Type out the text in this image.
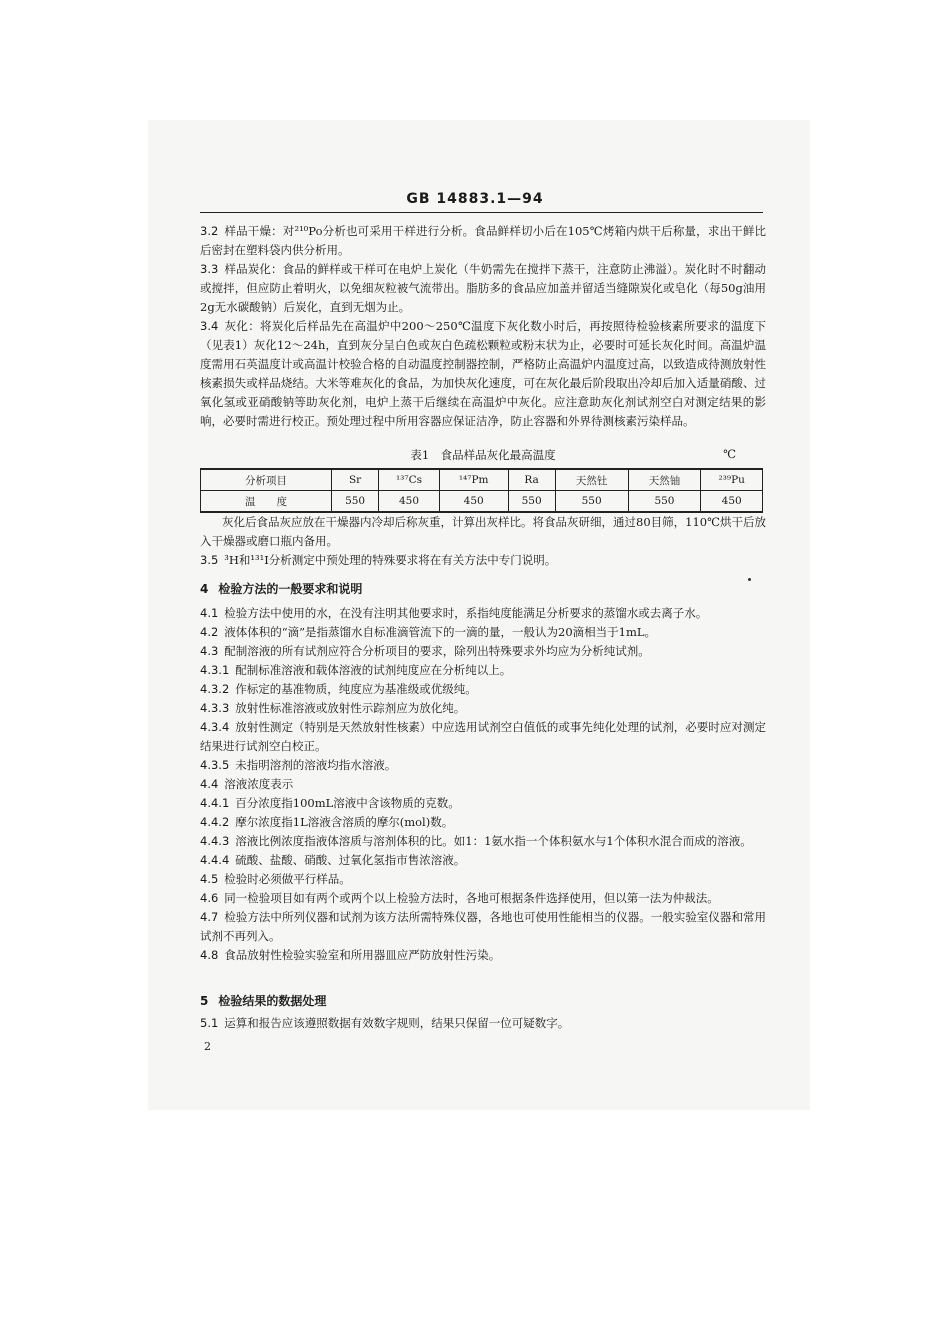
GB 14883.1—94

3.2 样品干燥：对²¹⁰Po分析也可采用干样进行分析。食品鲜样切小后在105℃烤箱内烘干后称量，求出干鲜比后密封在塑料袋内供分析用。

3.3 样品炭化：食品的鲜样或干样可在电炉上炭化（牛奶需先在搅拌下蒸干，注意防止沸溢）。炭化时不时翻动或搅拌，但应防止着明火，以免细灰粒被气流带出。脂肪多的食品应加盖并留适当缝隙炭化或皂化（每50g油用2g无水碳酸钠）后炭化，直到无烟为止。

3.4 灰化：将炭化后样品先在高温炉中200～250℃温度下灰化数小时后，再按照待检验核素所要求的温度下（见表1）灰化12～24h，直到灰分呈白色或灰白色疏松颗粒或粉末状为止，必要时可延长灰化时间。高温炉温度需用石英温度计或高温计校验合格的自动温度控制器控制，严格防止高温炉内温度过高，以致造成待测放射性核素损失或样品烧结。大米等难灰化的食品，为加快灰化速度，可在灰化最后阶段取出冷却后加入适量硝酸、过氧化氢或亚硝酸钠等助灰化剂，电炉上蒸干后继续在高温炉中灰化。应注意助灰化剂试剂空白对测定结果的影响，必要时需进行校正。预处理过程中所用容器应保证洁净，防止容器和外界待测核素污染样品。

表1　食品样品灰化最高温度	℃
分析项目	Sr	¹³⁷Cs	¹⁴⁷Pm	Ra	天然钍	天然铀	²³⁹Pu
温　　度	550	450	450	550	550	550	450

灰化后食品灰应放在干燥器内冷却后称灰重，计算出灰样比。将食品灰研细，通过80目筛，110℃烘干后放入干燥器或磨口瓶内备用。

3.5 ³H和¹³¹I分析测定中预处理的特殊要求将在有关方法中专门说明。

4 检验方法的一般要求和说明

4.1 检验方法中使用的水，在没有注明其他要求时，系指纯度能满足分析要求的蒸馏水或去离子水。

4.2 液体体积的“滴”是指蒸馏水自标准滴管流下的一滴的量，一般认为20滴相当于1mL。

4.3 配制溶液的所有试剂应符合分析项目的要求，除列出特殊要求外均应为分析纯试剂。

4.3.1 配制标准溶液和载体溶液的试剂纯度应在分析纯以上。

4.3.2 作标定的基准物质，纯度应为基准级或优级纯。

4.3.3 放射性标准溶液或放射性示踪剂应为放化纯。

4.3.4 放射性测定（特别是天然放射性核素）中应选用试剂空白值低的或事先纯化处理的试剂，必要时应对测定结果进行试剂空白校正。

4.3.5 未指明溶剂的溶液均指水溶液。

4.4 溶液浓度表示

4.4.1 百分浓度指100mL溶液中含该物质的克数。

4.4.2 摩尔浓度指1L溶液含溶质的摩尔(mol)数。

4.4.3 溶液比例浓度指液体溶质与溶剂体积的比。如1：1氨水指一个体积氨水与1个体积水混合而成的溶液。

4.4.4 硫酸、盐酸、硝酸、过氧化氢指市售浓溶液。

4.5 检验时必须做平行样品。

4.6 同一检验项目如有两个或两个以上检验方法时，各地可根据条件选择使用，但以第一法为仲裁法。

4.7 检验方法中所列仪器和试剂为该方法所需特殊仪器，各地也可使用性能相当的仪器。一般实验室仪器和常用试剂不再列入。

4.8 食品放射性检验实验室和所用器皿应严防放射性污染。

5 检验结果的数据处理

5.1 运算和报告应该遵照数据有效数字规则，结果只保留一位可疑数字。

2
